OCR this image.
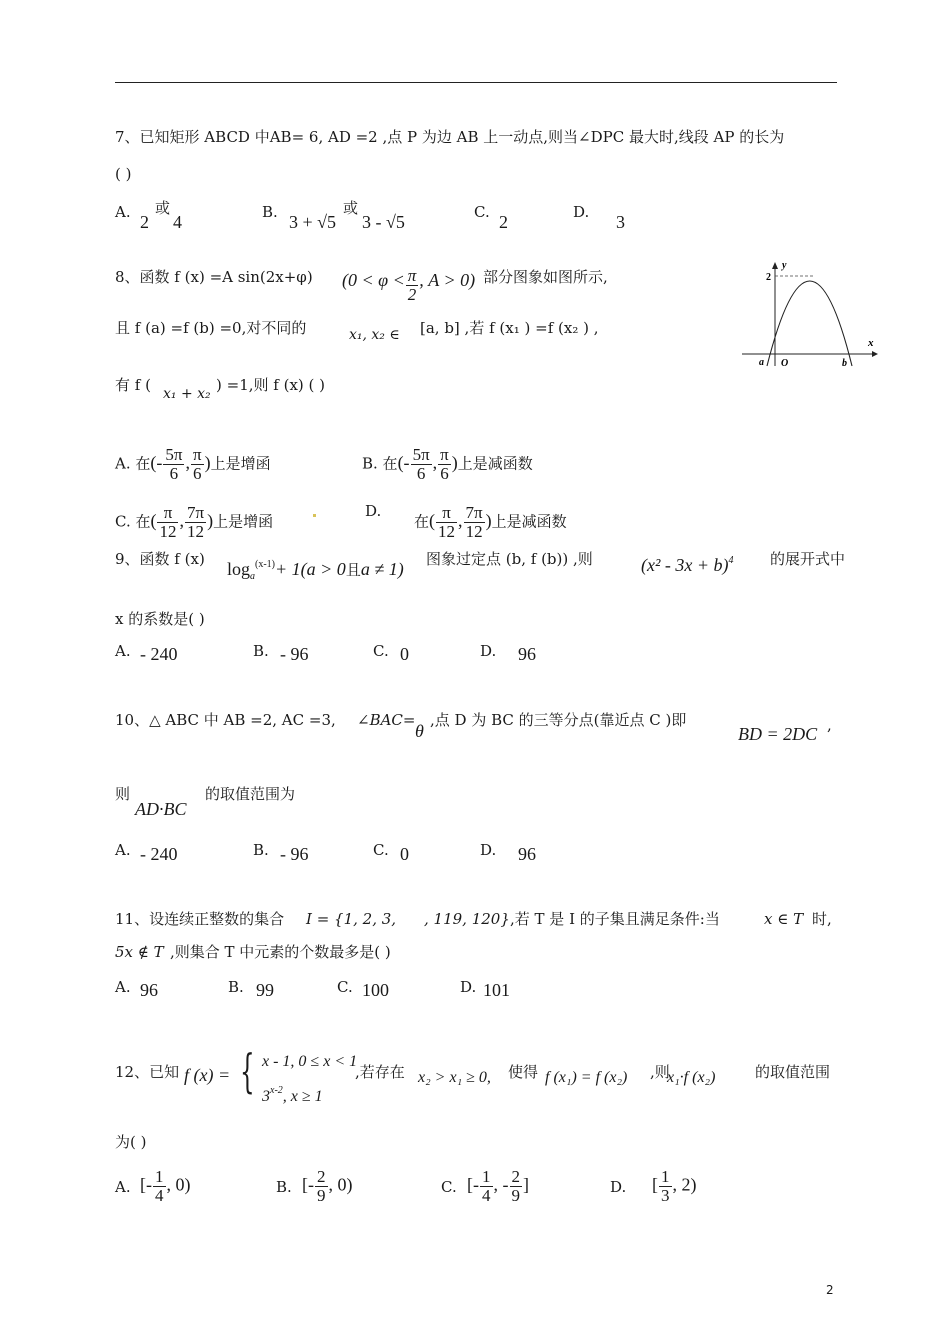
7、已知矩形 ABCD 中AB= 6, AD =2 ,点 P 为边 AB 上一动点,则当∠DPC 最大时,线段 AP 的长为
( )
A. 2
或
4	B. 3 + √5
或
3 - √5	C. 2	D. 3
8、函数 f (x) =A sin(2x+φ) ($0 < \varphi < \frac{\pi}{2}$ , A > 0) 部分图象如图所示,
y
x
2
a O	b
且 f (a) =f (b) =0,对不同的	x₁, x₂ ∈ [a, b] ,若 f (x₁ ) =f (x₂ ) ,
有 f ( x₁ + x₂ ) =1,则 f (x) ( )
A. 在(- $\frac{5\pi}{6}$ , $\frac{\pi}{6}$ )上是增函	B. 在(- $\frac{5\pi}{6}$ , $\frac{\pi}{6}$ )上是减函数
C. 在( $\frac{\pi}{12}$ , $\frac{7\pi}{12}$ )上是增函
D.
在( $\frac{\pi}{12}$ , $\frac{7\pi}{12}$ )上是减函数
9、函数 f (x) $\log_a^{(x-1)}+ 1(a > 0$且a ≠ 1) 图象过定点 (b, f (b)) ,则	$(x^2 - 3x + b)^4$ 的展开式中
x 的系数是( )
A. - 240	B. - 96	C. 0	D. 96
10、△ ABC 中 AB =2, AC =3, ∠BAC=
θ
,点 D 为 BC 的三等分点(靠近点 C )即
BD = 2DC ,
则
AD·BC
的取值范围为
A. - 240	B. - 96	C. 0	D. 96
11、设连续正整数的集合 I = {1, 2, 3, , 119, 120} ,若 T 是 I 的子集且满足条件:当	x ∈ T 时,
5x ∉ T ,则集合 T 中元素的个数最多是( )
A. 96	B. 99	C. 100	D. 101
12、已知 f (x) = { x - 1, 0 ≤ x < 1
3$^{x-2}$, x ≥ 1
,若存在 x₂ > x₁ ≥ 0, 使得 f (x₁) = f (x₂) ,则
x₁·f (x₂)	的取值范围
为( )
A. [- $\frac{1}{4}$ , 0)	B. [- $\frac{2}{9}$ , 0)	C. [- $\frac{1}{4}$ , - $\frac{2}{9}$ ]	D. [ $\frac{1}{3}$ , 2)
2
